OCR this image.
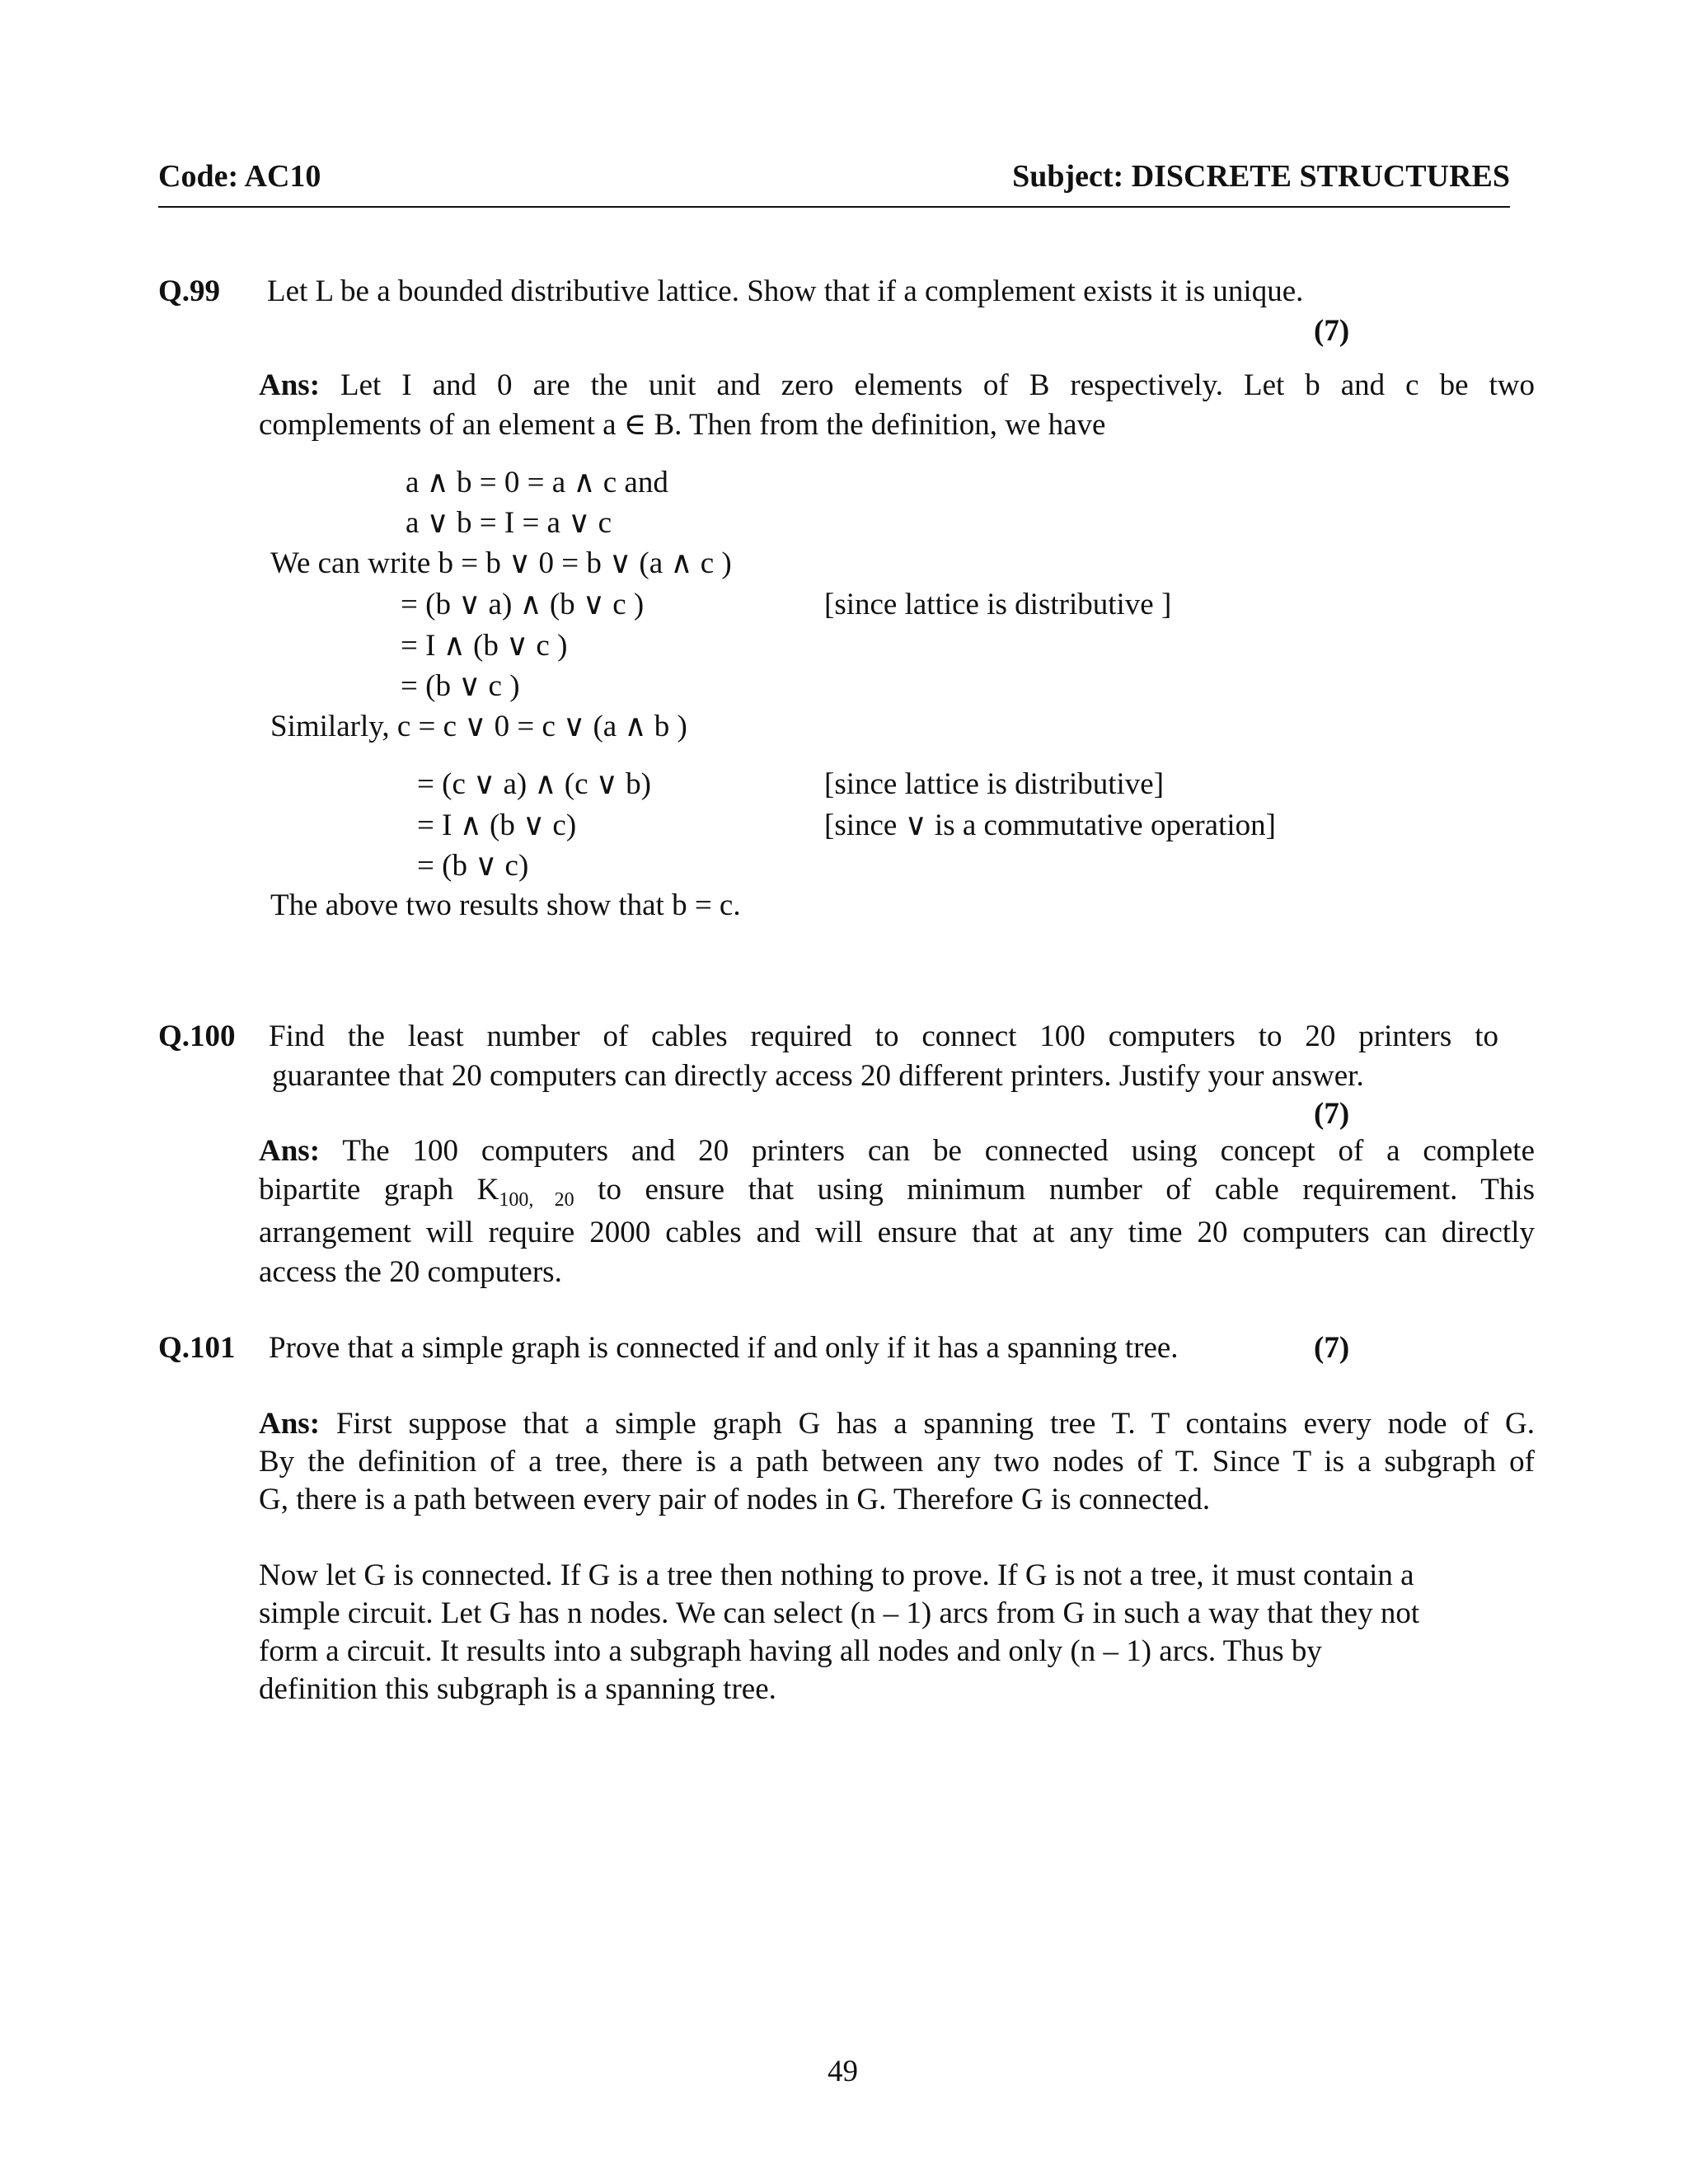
Code: AC10	Subject: DISCRETE STRUCTURES
Q.99 Let L be a bounded distributive lattice. Show that if a complement exists it is unique.
(7)
Ans: Let I and 0 are the unit and zero elements of B respectively. Let b and c be two
complements of an element a ∈ B. Then from the definition, we have
a ∧ b = 0 = a ∧ c and
a ∨ b = I = a ∨ c
We can write b = b ∨ 0 = b ∨ (a ∧ c )
= (b ∨ a) ∧ (b ∨ c )	[since lattice is distributive ]
= I ∧ (b ∨ c )
= (b ∨ c )
Similarly, c = c ∨ 0 = c ∨ (a ∧ b )
= (c ∨ a) ∧ (c ∨ b)	[since lattice is distributive]
= I ∧ (b ∨ c)	[since ∨ is a commutative operation]
= (b ∨ c)
The above two results show that b = c.
Q.100 Find the least number of cables required to connect 100 computers to 20 printers to
guarantee that 20 computers can directly access 20 different printers. Justify your answer.
(7)
Ans: The 100 computers and 20 printers can be connected using concept of a complete
bipartite graph $K_{100, 20}$ to ensure that using minimum number of cable requirement. This
arrangement will require 2000 cables and will ensure that at any time 20 computers can directly
access the 20 computers.
Q.101 Prove that a simple graph is connected if and only if it has a spanning tree.	(7)
Ans: First suppose that a simple graph G has a spanning tree T. T contains every node of G.
By the definition of a tree, there is a path between any two nodes of T. Since T is a subgraph of
G, there is a path between every pair of nodes in G. Therefore G is connected.
Now let G is connected. If G is a tree then nothing to prove. If G is not a tree, it must contain a
simple circuit. Let G has n nodes. We can select (n – 1) arcs from G in such a way that they not
form a circuit. It results into a subgraph having all nodes and only (n – 1) arcs. Thus by
definition this subgraph is a spanning tree.
49
